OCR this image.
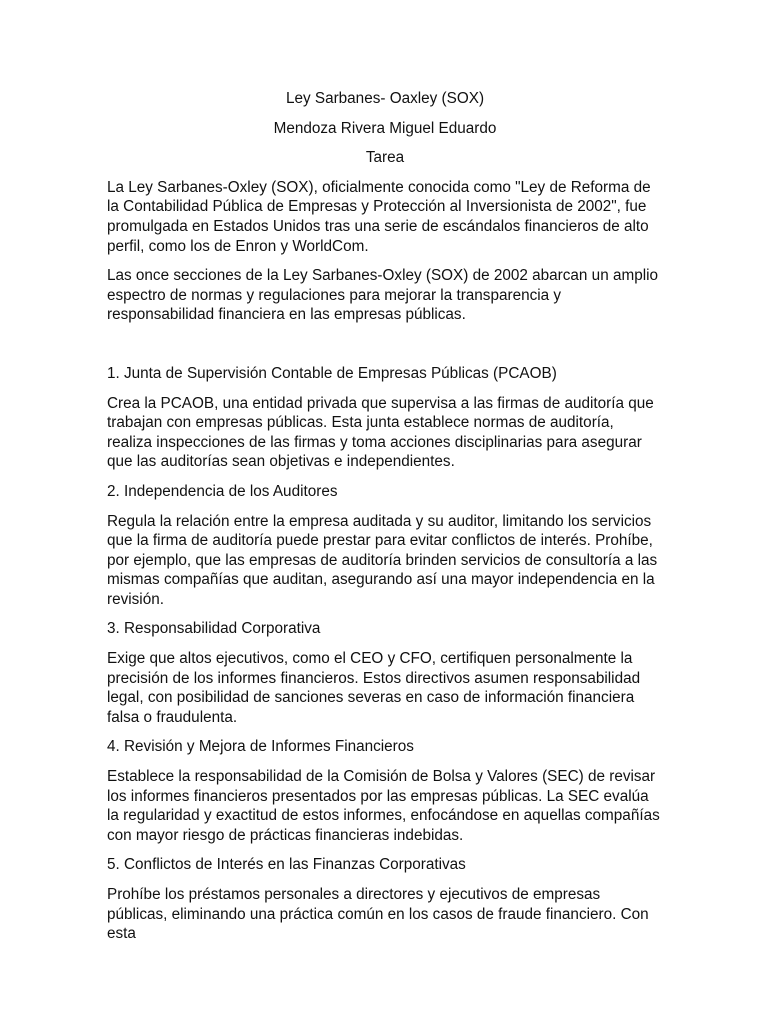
Ley Sarbanes- Oaxley (SOX)
Mendoza Rivera Miguel Eduardo
Tarea

La Ley Sarbanes-Oxley (SOX), oficialmente conocida como "Ley de Reforma de la Contabilidad Pública de Empresas y Protección al Inversionista de 2002", fue promulgada en Estados Unidos tras una serie de escándalos financieros de alto perfil, como los de Enron y WorldCom.

Las once secciones de la Ley Sarbanes-Oxley (SOX) de 2002 abarcan un amplio espectro de normas y regulaciones para mejorar la transparencia y responsabilidad financiera en las empresas públicas.

1. Junta de Supervisión Contable de Empresas Públicas (PCAOB)

Crea la PCAOB, una entidad privada que supervisa a las firmas de auditoría que trabajan con empresas públicas. Esta junta establece normas de auditoría, realiza inspecciones de las firmas y toma acciones disciplinarias para asegurar que las auditorías sean objetivas e independientes.

2. Independencia de los Auditores

Regula la relación entre la empresa auditada y su auditor, limitando los servicios que la firma de auditoría puede prestar para evitar conflictos de interés. Prohíbe, por ejemplo, que las empresas de auditoría brinden servicios de consultoría a las mismas compañías que auditan, asegurando así una mayor independencia en la revisión.

3. Responsabilidad Corporativa

Exige que altos ejecutivos, como el CEO y CFO, certifiquen personalmente la precisión de los informes financieros. Estos directivos asumen responsabilidad legal, con posibilidad de sanciones severas en caso de información financiera falsa o fraudulenta.

4. Revisión y Mejora de Informes Financieros

Establece la responsabilidad de la Comisión de Bolsa y Valores (SEC) de revisar los informes financieros presentados por las empresas públicas. La SEC evalúa la regularidad y exactitud de estos informes, enfocándose en aquellas compañías con mayor riesgo de prácticas financieras indebidas.

5. Conflictos de Interés en las Finanzas Corporativas

Prohíbe los préstamos personales a directores y ejecutivos de empresas públicas, eliminando una práctica común en los casos de fraude financiero. Con esta
